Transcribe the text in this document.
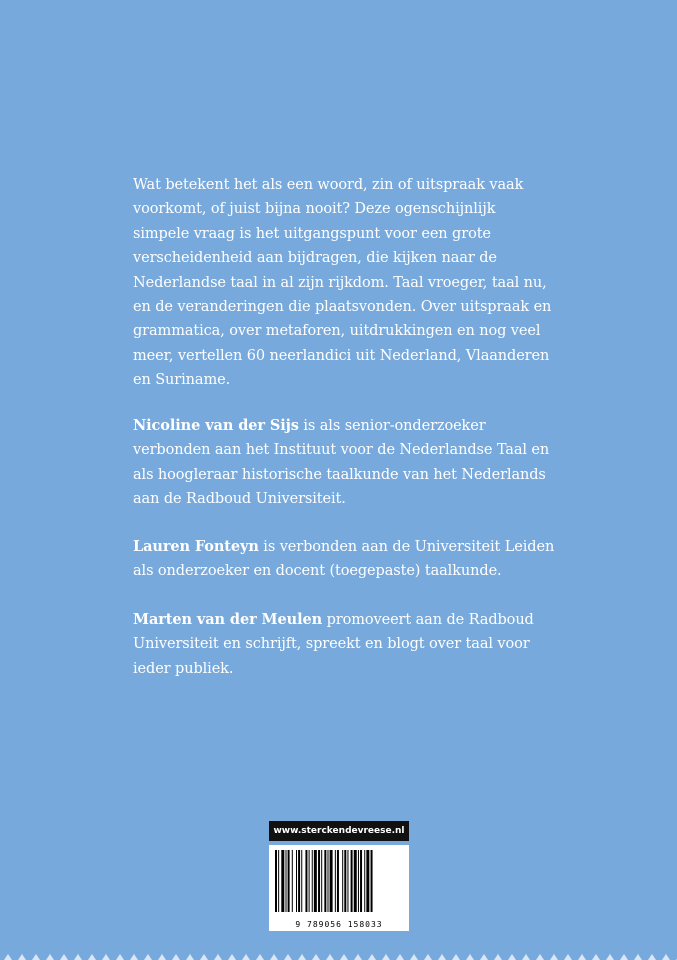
Wat betekent het als een woord, zin of uitspraak vaak voorkomt, of juist bijna nooit? Deze ogenschijnlijk simpele vraag is het uitgangspunt voor een grote verscheidenheid aan bijdragen, die kijken naar de Nederlandse taal in al zijn rijkdom. Taal vroeger, taal nu, en de veranderingen die plaatsvonden. Over uitspraak en grammatica, over metaforen, uitdrukkingen en nog veel meer, vertellen 60 neerlandici uit Nederland, Vlaanderen en Suriname.

Nicoline van der Sijs is als senior-onderzoeker verbonden aan het Instituut voor de Nederlandse Taal en als hoogleraar historische taalkunde van het Nederlands aan de Radboud Universiteit.

Lauren Fonteyn is verbonden aan de Universiteit Leiden als onderzoeker en docent (toegepaste) taalkunde.

Marten van der Meulen promoveert aan de Radboud Universiteit en schrijft, spreekt en blogt over taal voor ieder publiek.

www.sterckendevreese.nl
9 789056 158033
